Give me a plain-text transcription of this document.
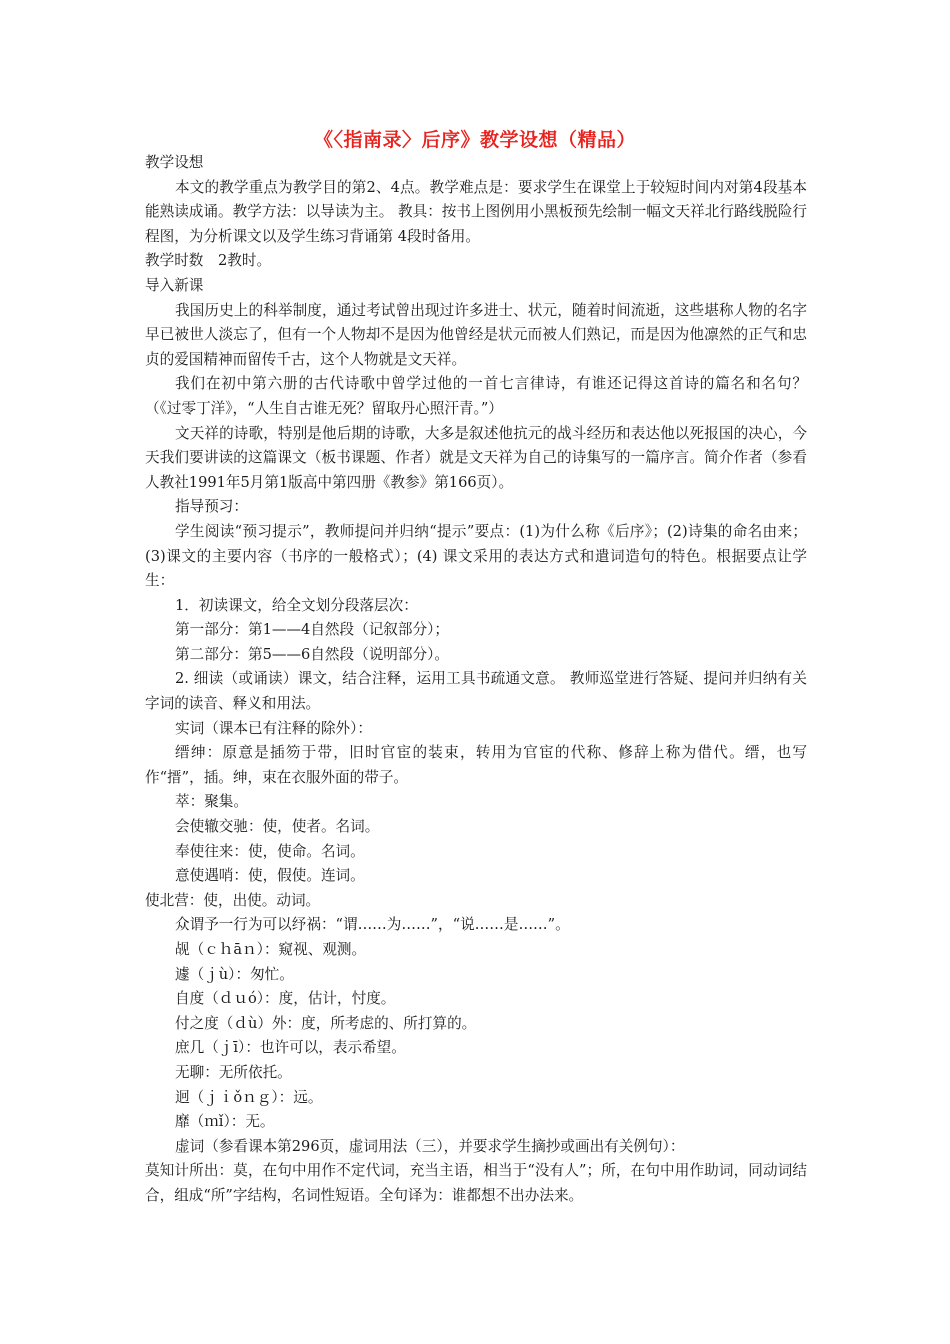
《〈指南录〉后序》教学设想（精品）

教学设想

本文的教学重点为教学目的第2、4点。教学难点是：要求学生在课堂上于较短时间内对第4段基本能熟读成诵。教学方法：以导读为主。 教具：按书上图例用小黑板预先绘制一幅文天祥北行路线脱险行程图，为分析课文以及学生练习背诵第 4段时备用。

教学时数　2教时。

导入新课

我国历史上的科举制度，通过考试曾出现过许多进士、状元，随着时间流逝，这些堪称人物的名字早已被世人淡忘了，但有一个人物却不是因为他曾经是状元而被人们熟记，而是因为他凛然的正气和忠贞的爱国精神而留传千古，这个人物就是文天祥。

我们在初中第六册的古代诗歌中曾学过他的一首七言律诗，有谁还记得这首诗的篇名和名句？（《过零丁洋》，“人生自古谁无死？留取丹心照汗青。”）

文天祥的诗歌，特别是他后期的诗歌，大多是叙述他抗元的战斗经历和表达他以死报国的决心，今天我们要讲读的这篇课文（板书课题、作者）就是文天祥为自己的诗集写的一篇序言。简介作者（参看人教社1991年5月第1版高中第四册《教参》第166页）。

指导预习：

学生阅读“预习提示”，教师提问并归纳“提示”要点：(1)为什么称《后序》；(2)诗集的命名由来；(3)课文的主要内容（书序的一般格式）；(4) 课文采用的表达方式和遣词造句的特色。根据要点让学生：

1．初读课文，给全文划分段落层次：

第一部分：第1——4自然段（记叙部分）；

第二部分：第5——6自然段（说明部分）。

2. 细读（或诵读）课文，结合注释，运用工具书疏通文意。 教师巡堂进行答疑、提问并归纳有关字词的读音、释义和用法。

实词（课本已有注释的除外）：

缙绅：原意是插笏于带，旧时官宦的装束，转用为官宦的代称、修辞上称为借代。缙，也写作“搢”，插。绅，束在衣服外面的带子。

萃：聚集。

会使辙交驰：使，使者。名词。

奉使往来：使，使命。名词。

意使遇哨：使，假使。连词。

使北营：使，出使。动词。

众谓予一行为可以纾祸：“谓……为……”，“说……是……”。

觇（ｃｈāｎ）：窥视、观测。

遽（ｊù）：匆忙。

自度（ｄｕó）：度，估计，忖度。

付之度（ｄù）外：度，所考虑的、所打算的。

庶几（ｊī）：也许可以，表示希望。

无聊：无所依托。

迥（ｊｉǒｎｇ）：远。

靡（ｍǐ）：无。

虚词（参看课本第296页，虚词用法（三），并要求学生摘抄或画出有关例句）：

莫知计所出：莫，在句中用作不定代词，充当主语，相当于“没有人”；所，在句中用作助词，同动词结合，组成“所”字结构，名词性短语。全句译为：谁都想不出办法来。
